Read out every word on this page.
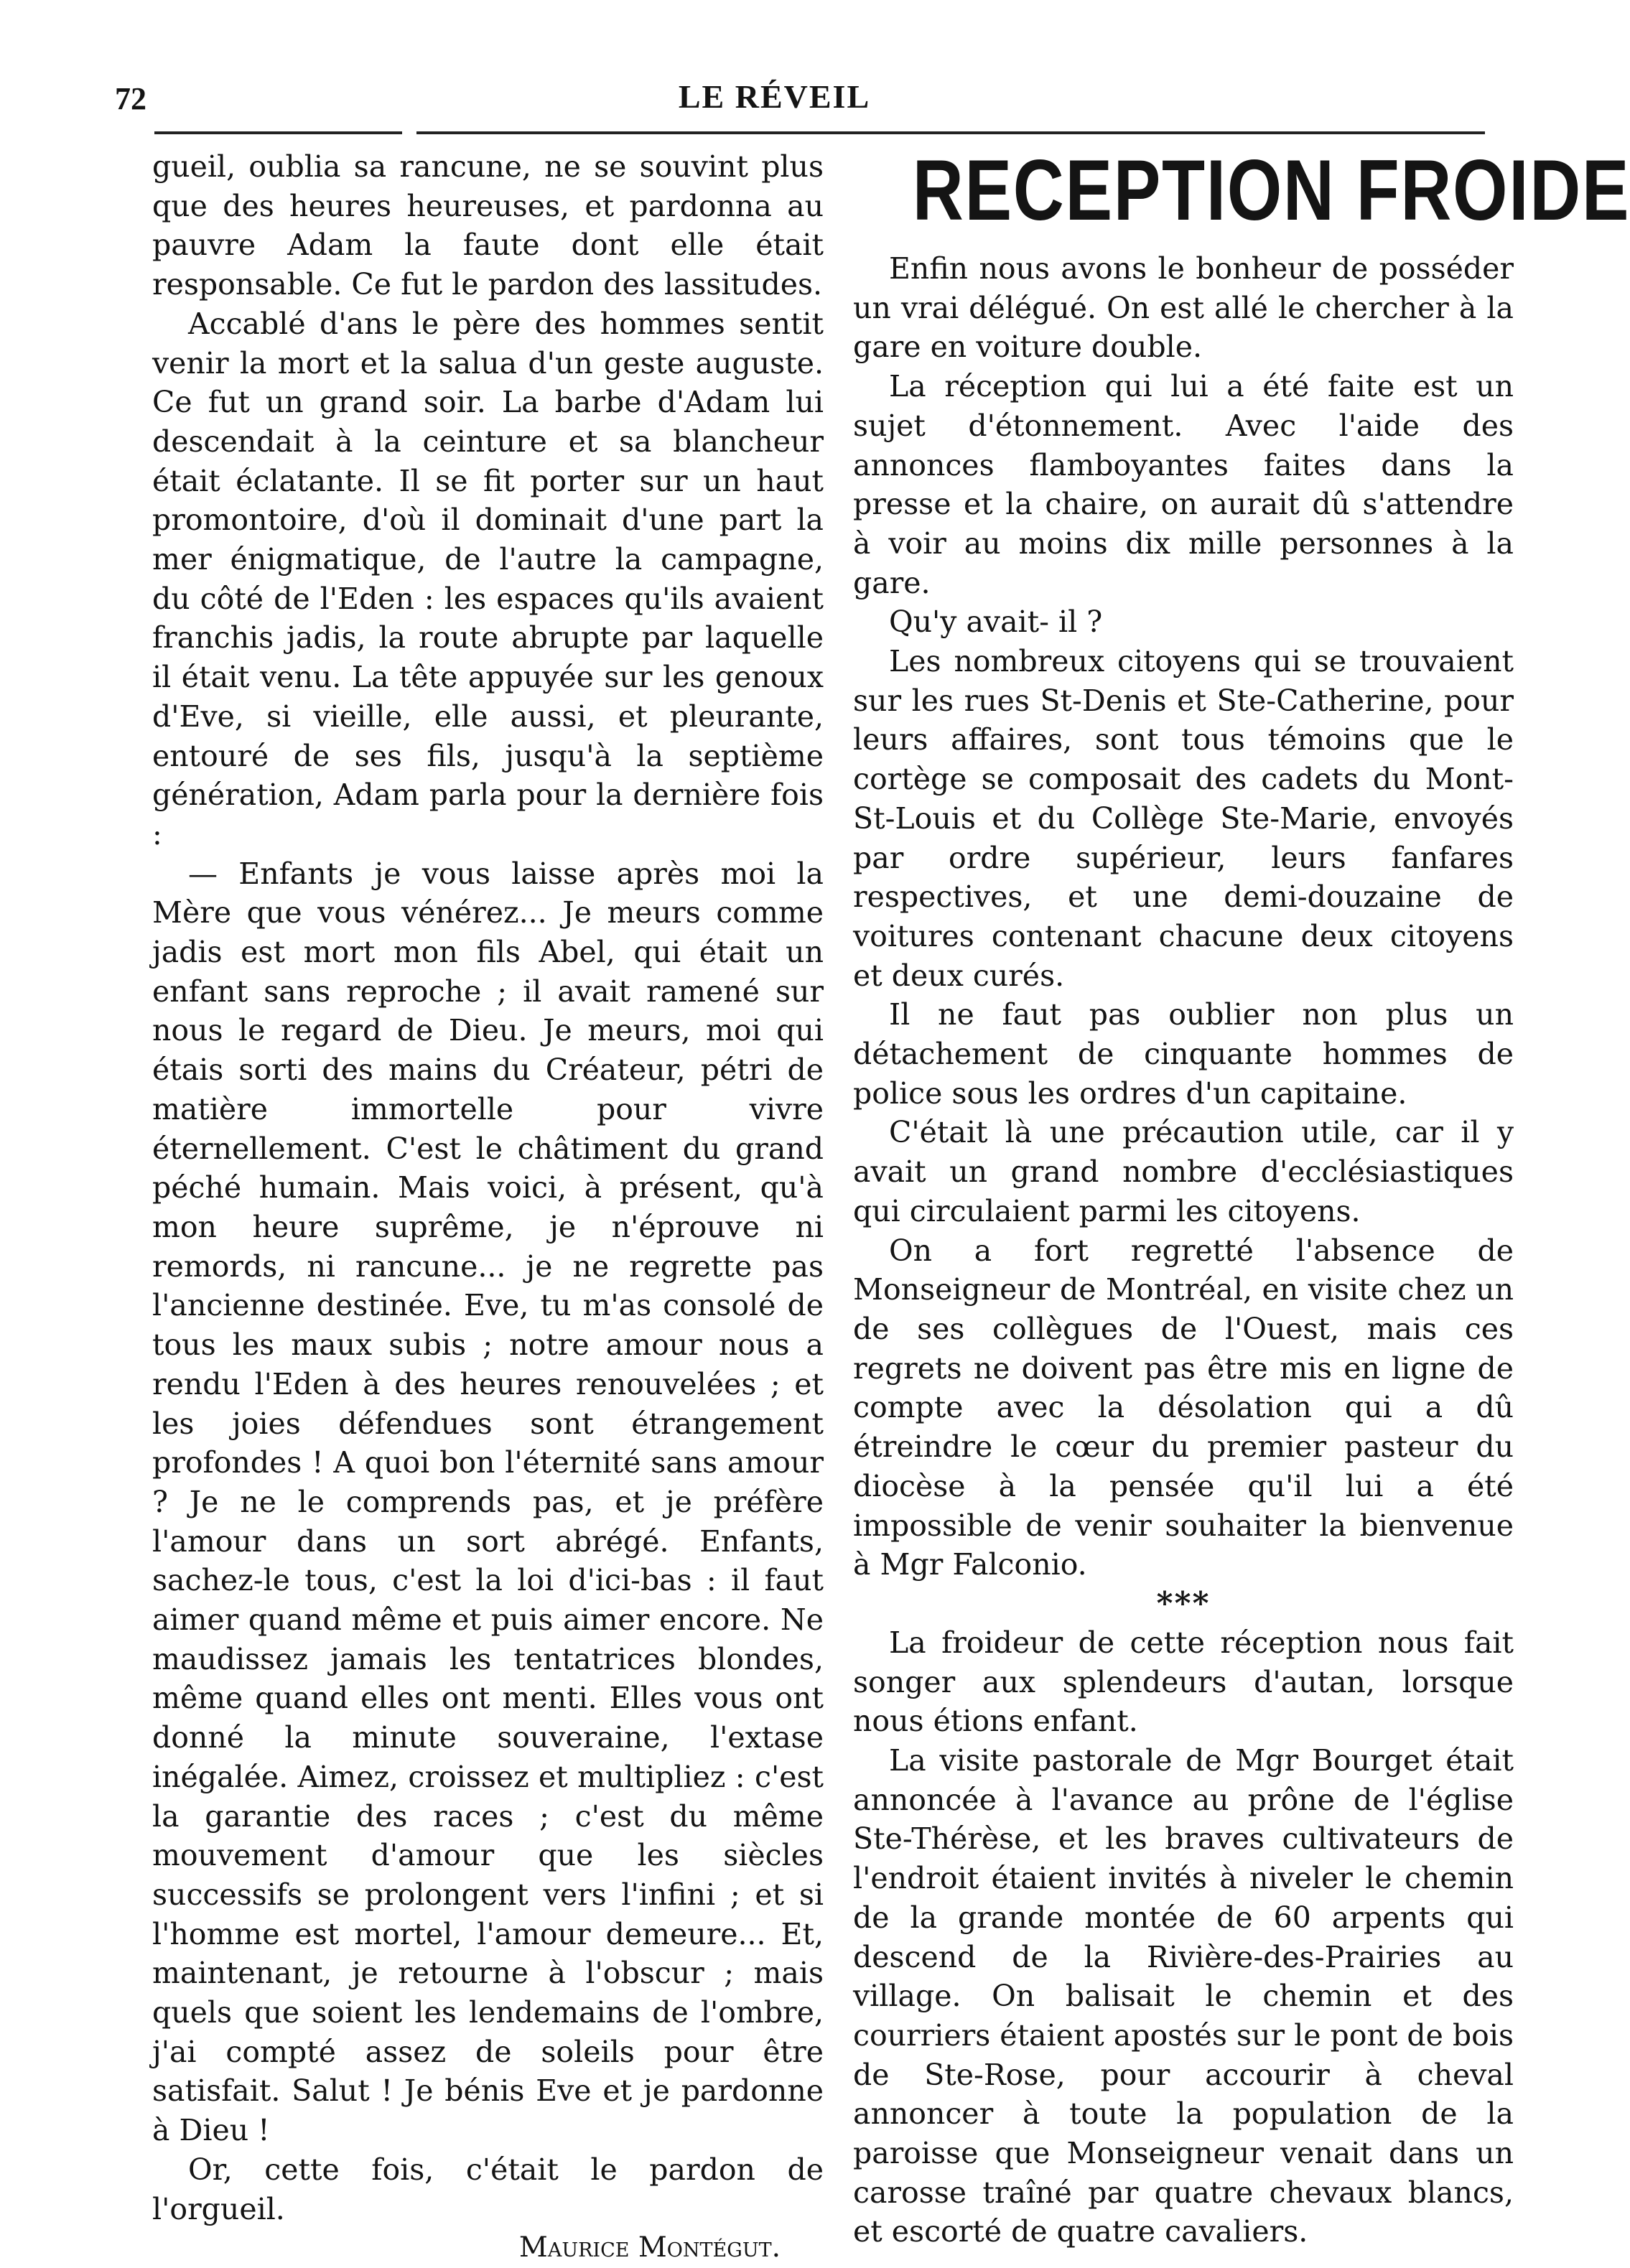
72	LE RÉVEIL

gueil, oublia sa rancune, ne se souvint plus que des heures heureuses, et pardonna au pauvre Adam la faute dont elle était responsable. Ce fut le pardon des lassitudes.

Accablé d'ans le père des hommes sentit venir la mort et la salua d'un geste auguste. Ce fut un grand soir. La barbe d'Adam lui descendait à la ceinture et sa blancheur était éclatante. Il se fit porter sur un haut promontoire, d'où il dominait d'une part la mer énigmatique, de l'autre la campagne, du côté de l'Eden : les espaces qu'ils avaient franchis jadis, la route abrupte par laquelle il était venu. La tête appuyée sur les genoux d'Eve, si vieille, elle aussi, et pleurante, entouré de ses fils, jusqu'à la septième génération, Adam parla pour la dernière fois :

— Enfants je vous laisse après moi la Mère que vous vénérez... Je meurs comme jadis est mort mon fils Abel, qui était un enfant sans reproche ; il avait ramené sur nous le regard de Dieu. Je meurs, moi qui étais sorti des mains du Créateur, pétri de matière immortelle pour vivre éternellement. C'est le châtiment du grand péché humain. Mais voici, à présent, qu'à mon heure suprême, je n'éprouve ni remords, ni rancune... je ne regrette pas l'ancienne destinée. Eve, tu m'as consolé de tous les maux subis ; notre amour nous a rendu l'Eden à des heures renouvelées ; et les joies défendues sont étrangement profondes ! A quoi bon l'éternité sans amour ? Je ne le comprends pas, et je préfère l'amour dans un sort abrégé. Enfants, sachez-le tous, c'est la loi d'ici-bas : il faut aimer quand même et puis aimer encore. Ne maudissez jamais les tentatrices blondes, même quand elles ont menti. Elles vous ont donné la minute souveraine, l'extase inégalée. Aimez, croissez et multipliez : c'est la garantie des races ; c'est du même mouvement d'amour que les siècles successifs se prolongent vers l'infini ; et si l'homme est mortel, l'amour demeure... Et, maintenant, je retourne à l'obscur ; mais quels que soient les lendemains de l'ombre, j'ai compté assez de soleils pour être satisfait. Salut ! Je bénis Eve et je pardonne à Dieu !

Or, cette fois, c'était le pardon de l'orgueil.

Maurice Montégut.
RECEPTION FROIDE

Enfin nous avons le bonheur de posséder un vrai délégué. On est allé le chercher à la gare en voiture double.

La réception qui lui a été faite est un sujet d'étonnement. Avec l'aide des annonces flamboyantes faites dans la presse et la chaire, on aurait dû s'attendre à voir au moins dix mille personnes à la gare.

Qu'y avait- il ?

Les nombreux citoyens qui se trouvaient sur les rues St-Denis et Ste-Catherine, pour leurs affaires, sont tous témoins que le cortège se composait des cadets du Mont-St-Louis et du Collège Ste-Marie, envoyés par ordre supérieur, leurs fanfares respectives, et une demi-douzaine de voitures contenant chacune deux citoyens et deux curés.

Il ne faut pas oublier non plus un détachement de cinquante hommes de police sous les ordres d'un capitaine.

C'était là une précaution utile, car il y avait un grand nombre d'ecclésiastiques qui circulaient parmi les citoyens.

On a fort regretté l'absence de Monseigneur de Montréal, en visite chez un de ses collègues de l'Ouest, mais ces regrets ne doivent pas être mis en ligne de compte avec la désolation qui a dû étreindre le cœur du premier pasteur du diocèse à la pensée qu'il lui a été impossible de venir souhaiter la bienvenue à Mgr Falconio.

***

La froideur de cette réception nous fait songer aux splendeurs d'autan, lorsque nous étions enfant.

La visite pastorale de Mgr Bourget était annoncée à l'avance au prône de l'église Ste-Thérèse, et les braves cultivateurs de l'endroit étaient invités à niveler le chemin de la grande montée de 60 arpents qui descend de la Rivière-des-Prairies au village. On balisait le chemin et des courriers étaient apostés sur le pont de bois de Ste-Rose, pour accourir à cheval annoncer à toute la population de la paroisse que Monseigneur venait dans un carosse traîné par quatre chevaux blancs, et escorté de quatre cavaliers.
